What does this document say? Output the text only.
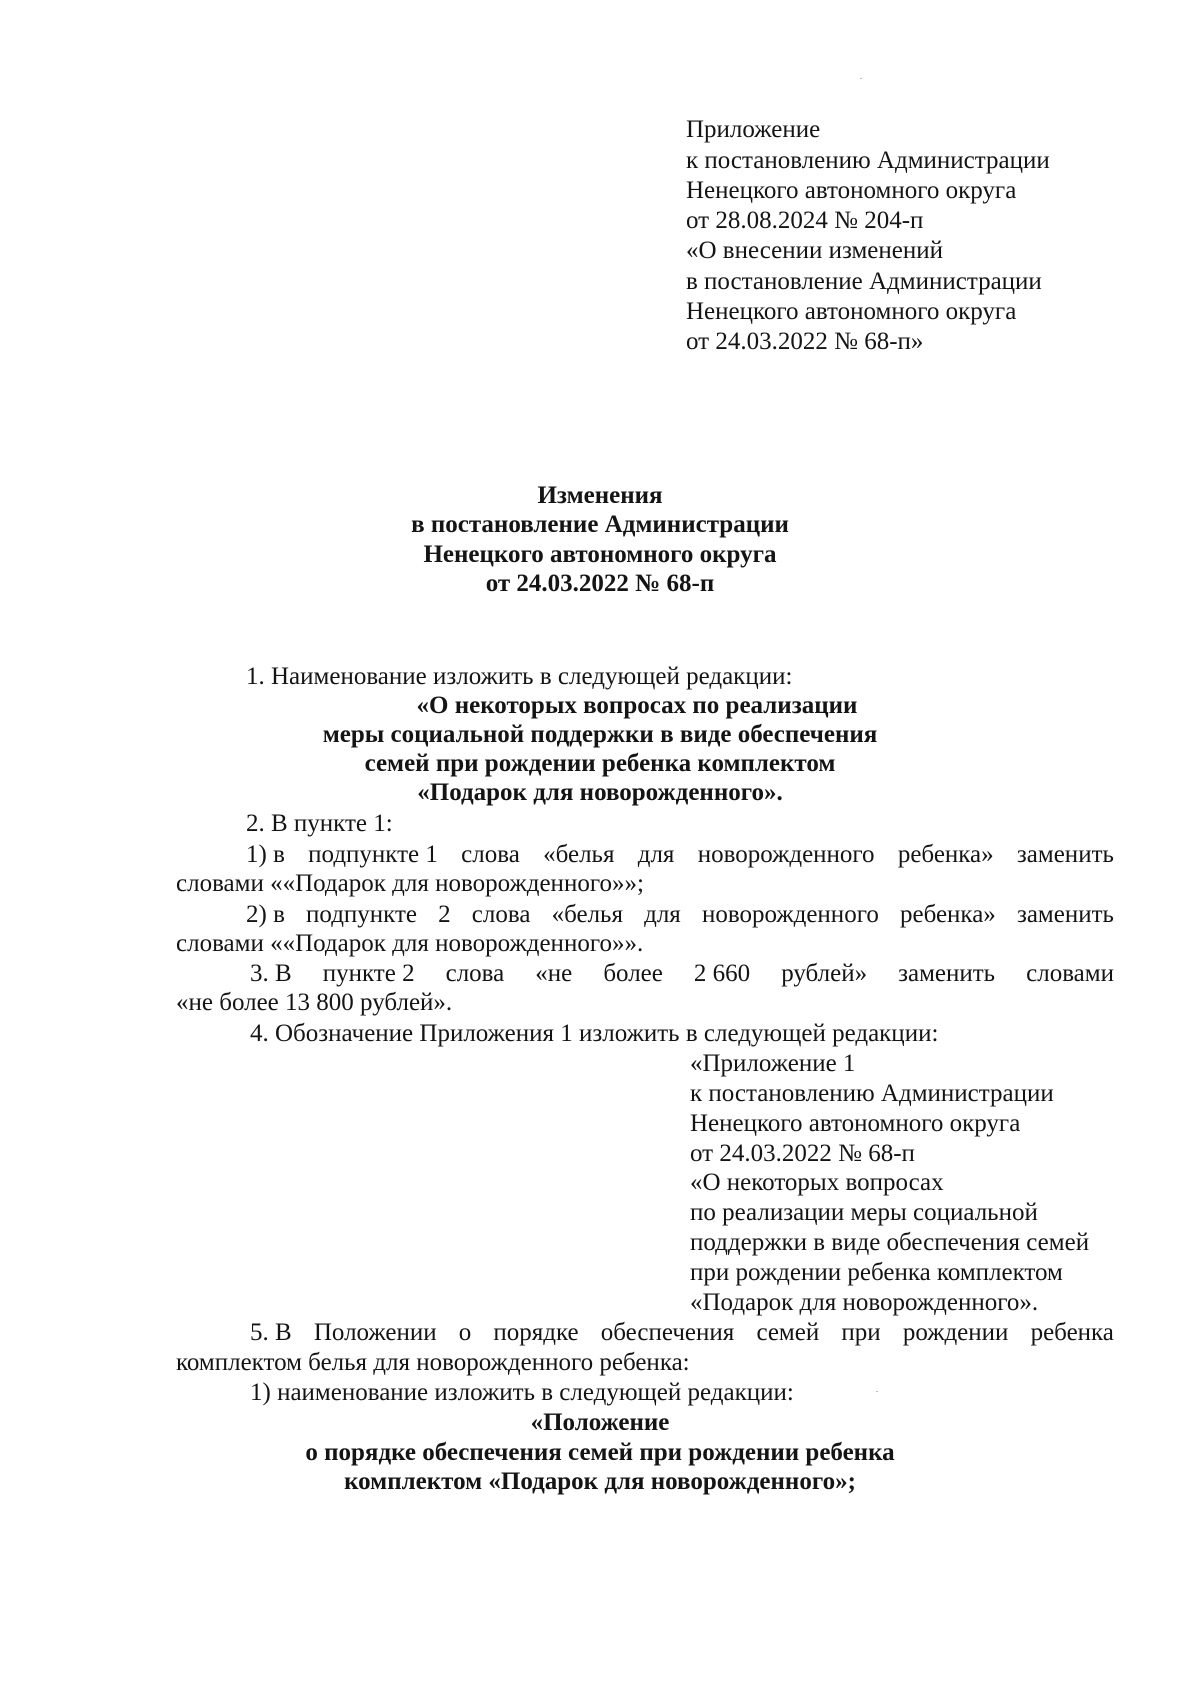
Приложение
к постановлению Администрации
Ненецкого автономного округа
от 28.08.2024 № 204-п
«О внесении изменений
в постановление Администрации
Ненецкого автономного округа
от 24.03.2022 № 68-п»
Изменения
в постановление Администрации
Ненецкого автономного округа
от 24.03.2022 № 68-п
1. Наименование изложить в следующей редакции:
«О некоторых вопросах по реализации
меры социальной поддержки в виде обеспечения
семей при рождении ребенка комплектом
«Подарок для новорожденного».
2. В пункте 1:
1) в подпункте 1 слова «белья для новорожденного ребенка» заменить
словами ««Подарок для новорожденного»»;
2) в подпункте 2 слова «белья для новорожденного ребенка» заменить
словами ««Подарок для новорожденного»».
3. В пункте 2 слова «не более 2 660 рублей» заменить словами
«не более 13 800 рублей».
4. Обозначение Приложения 1 изложить в следующей редакции:
«Приложение 1
к постановлению Администрации
Ненецкого автономного округа
от 24.03.2022 № 68-п
«О некоторых вопросах
по реализации меры социальной
поддержки в виде обеспечения семей
при рождении ребенка комплектом
«Подарок для новорожденного».
5. В Положении о порядке обеспечения семей при рождении ребенка
комплектом белья для новорожденного ребенка:
1) наименование изложить в следующей редакции:
«Положение
о порядке обеспечения семей при рождении ребенка
комплектом «Подарок для новорожденного»;
